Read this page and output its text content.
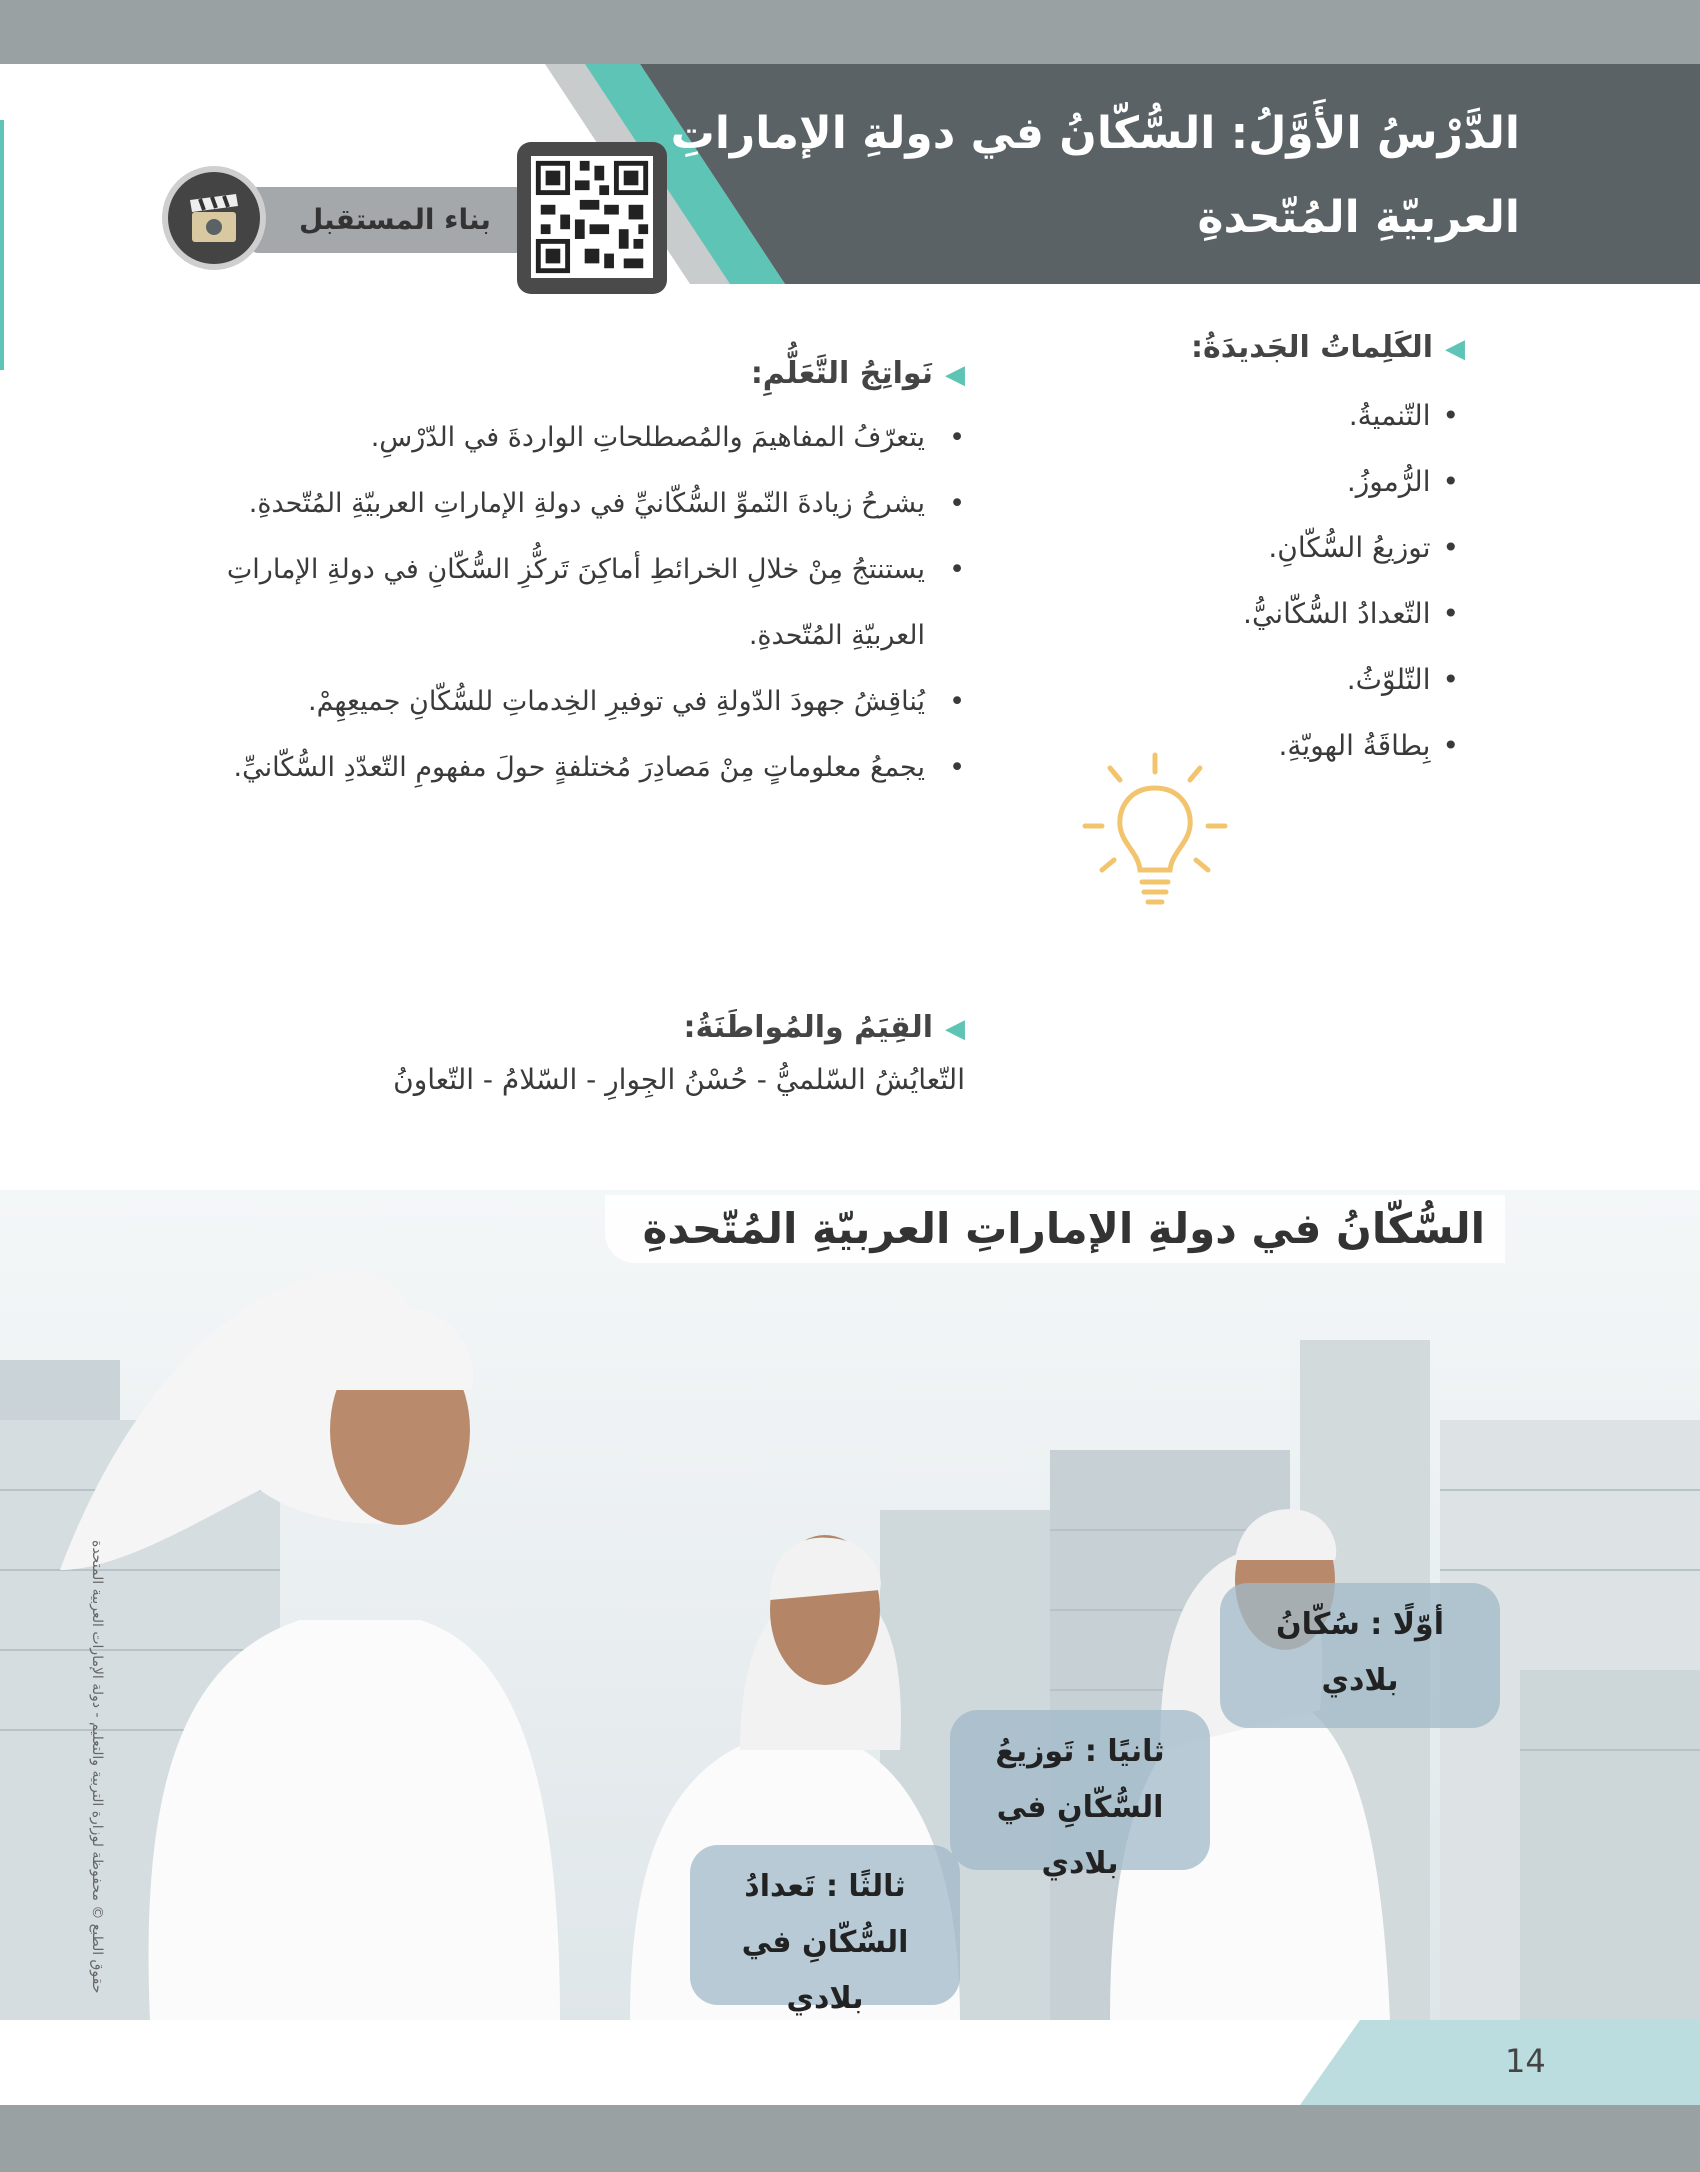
الدَّرْسُ الأَوَّلُ: السُّكّانُ في دولةِ الإماراتِ
العربيّةِ المُتّحدةِ
بناء المستقبل
◀الكَلِماتُ الجَديدَةُ:
• التّنميةُ.
• الرُّموزُ.
• توزيعُ السُّكّانِ.
• التّعدادُ السُّكّانيُّ.
• التّلوّثُ.
• بِطاقَةُ الهويّةِ.
◀نَواتِجُ التَّعَلُّمِ:
• يتعرّفُ المفاهيمَ والمُصطلحاتِ الواردةَ في الدّرْسِ.
• يشرحُ زيادةَ النّموِّ السُّكّانيِّ في دولةِ الإماراتِ العربيّةِ المُتّحدةِ.
• يستنتجُ مِنْ خلالِ الخرائطِ أماكِنَ تَركُّزِ السُّكّانِ في دولةِ الإماراتِ العربيّةِ المُتّحدةِ.
• يُناقِشُ جهودَ الدّولةِ في توفيرِ الخِدماتِ للسُّكّانِ جميعِهِمْ.
• يجمعُ معلوماتٍ مِنْ مَصادِرَ مُختلفةٍ حولَ مفهومِ التّعدّدِ السُّكّانيِّ.
◀القِيَمُ والمُواطَنَةُ:
التّعايُشُ السّلميُّ - حُسْنُ الجِوارِ - السّلامُ - التّعاونُ
السُّكّانُ في دولةِ الإماراتِ العربيّةِ المُتّحدةِ
أوّلًا : سُكّانُ بلادي
ثانيًا : تَوزيعُ السُّكّانِ في بلادي
ثالثًا : تَعدادُ السُّكّانِ في بلادي
حقوق الطبع © محفوظة لوزارة التربية والتعليم - دولة الإمارات العربية المتحدة
14
